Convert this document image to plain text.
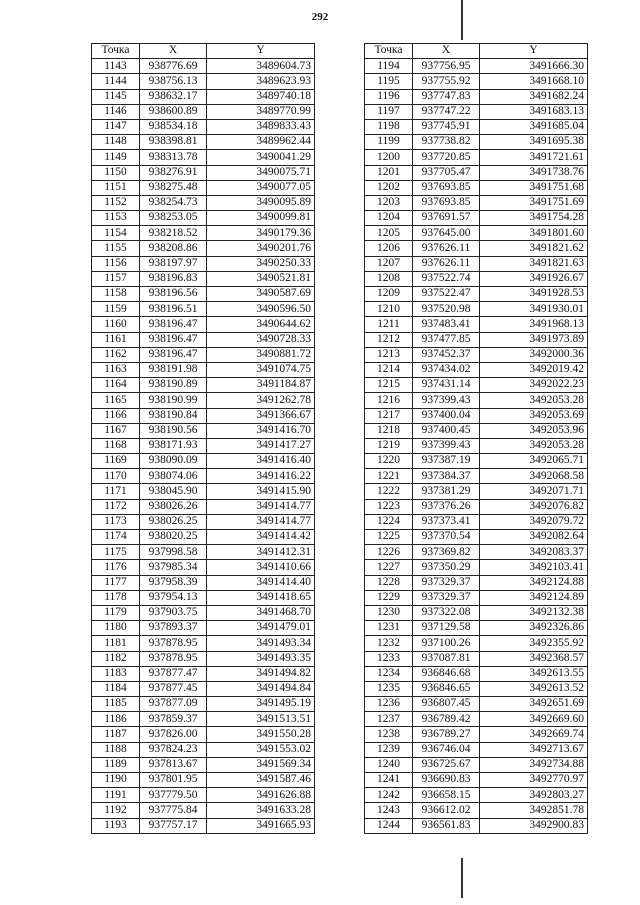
292
Точка	X	Y
1143	938776.69	3489604.73
1144	938756.13	3489623.93
1145	938632.17	3489740.18
1146	938600.89	3489770.99
1147	938534.18	3489833.43
1148	938398.81	3489962.44
1149	938313.78	3490041.29
1150	938276.91	3490075.71
1151	938275.48	3490077.05
1152	938254.73	3490095.89
1153	938253.05	3490099.81
1154	938218.52	3490179.36
1155	938208.86	3490201.76
1156	938197.97	3490250.33
1157	938196.83	3490521.81
1158	938196.56	3490587.69
1159	938196.51	3490596.50
1160	938196.47	3490644.62
1161	938196.47	3490728.33
1162	938196.47	3490881.72
1163	938191.98	3491074.75
1164	938190.89	3491184.87
1165	938190.99	3491262.78
1166	938190.84	3491366.67
1167	938190.56	3491416.70
1168	938171.93	3491417.27
1169	938090.09	3491416.40
1170	938074.06	3491416.22
1171	938045.90	3491415.90
1172	938026.26	3491414.77
1173	938026.25	3491414.77
1174	938020.25	3491414.42
1175	937998.58	3491412.31
1176	937985.34	3491410.66
1177	937958.39	3491414.40
1178	937954.13	3491418.65
1179	937903.75	3491468.70
1180	937893.37	3491479.01
1181	937878.95	3491493.34
1182	937878.95	3491493.35
1183	937877.47	3491494.82
1184	937877.45	3491494.84
1185	937877.09	3491495.19
1186	937859.37	3491513.51
1187	937826.00	3491550.28
1188	937824.23	3491553.02
1189	937813.67	3491569.34
1190	937801.95	3491587.46
1191	937779.50	3491626.88
1192	937775.84	3491633.28
1193	937757.17	3491665.93
Точка	X	Y
1194	937756.95	3491666.30
1195	937755.92	3491668.10
1196	937747.83	3491682.24
1197	937747.22	3491683.13
1198	937745.91	3491685.04
1199	937738.82	3491695.38
1200	937720.85	3491721.61
1201	937705.47	3491738.76
1202	937693.85	3491751.68
1203	937693.85	3491751.69
1204	937691.57	3491754.28
1205	937645.00	3491801.60
1206	937626.11	3491821.62
1207	937626.11	3491821.63
1208	937522.74	3491926.67
1209	937522.47	3491928.53
1210	937520.98	3491930.01
1211	937483.41	3491968.13
1212	937477.85	3491973.89
1213	937452.37	3492000.36
1214	937434.02	3492019.42
1215	937431.14	3492022.23
1216	937399.43	3492053.28
1217	937400.04	3492053.69
1218	937400.45	3492053.96
1219	937399.43	3492053.28
1220	937387.19	3492065.71
1221	937384.37	3492068.58
1222	937381.29	3492071.71
1223	937376.26	3492076.82
1224	937373.41	3492079.72
1225	937370.54	3492082.64
1226	937369.82	3492083.37
1227	937350.29	3492103.41
1228	937329.37	3492124.88
1229	937329.37	3492124.89
1230	937322.08	3492132.38
1231	937129.58	3492326.86
1232	937100.26	3492355.92
1233	937087.81	3492368.57
1234	936846.68	3492613.55
1235	936846.65	3492613.52
1236	936807.45	3492651.69
1237	936789.42	3492669.60
1238	936789.27	3492669.74
1239	936746.04	3492713.67
1240	936725.67	3492734.88
1241	936690.83	3492770.97
1242	936658.15	3492803.27
1243	936612.02	3492851.78
1244	936561.83	3492900.83
